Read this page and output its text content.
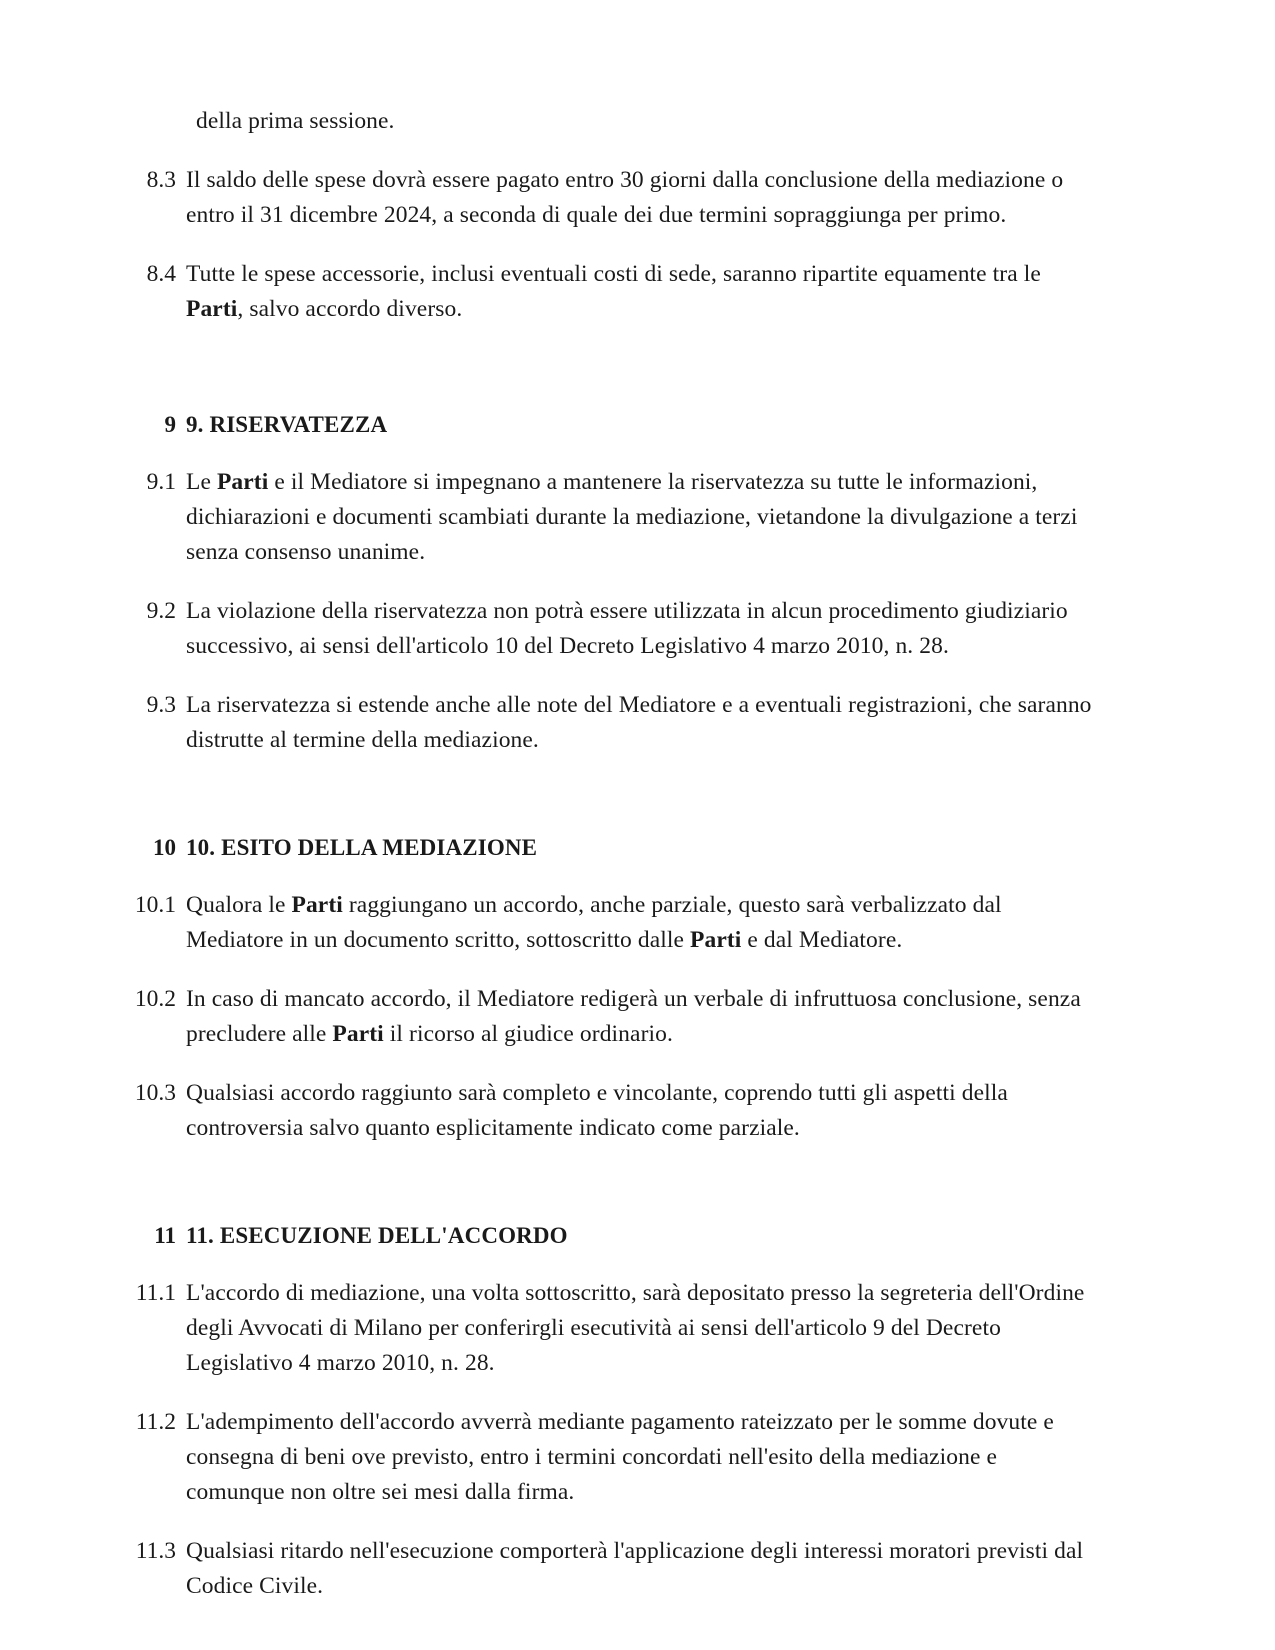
della prima sessione.

8.3 Il saldo delle spese dovrà essere pagato entro 30 giorni dalla conclusione della mediazione o entro il 31 dicembre 2024, a seconda di quale dei due termini sopraggiunga per primo.
8.4 Tutte le spese accessorie, inclusi eventuali costi di sede, saranno ripartite equamente tra le Parti, salvo accordo diverso.
9 9. RISERVATEZZA
9.1 Le Parti e il Mediatore si impegnano a mantenere la riservatezza su tutte le informazioni, dichiarazioni e documenti scambiati durante la mediazione, vietandone la divulgazione a terzi senza consenso unanime.
9.2 La violazione della riservatezza non potrà essere utilizzata in alcun procedimento giudiziario successivo, ai sensi dell'articolo 10 del Decreto Legislativo 4 marzo 2010, n. 28.
9.3 La riservatezza si estende anche alle note del Mediatore e a eventuali registrazioni, che saranno distrutte al termine della mediazione.
10 10. ESITO DELLA MEDIAZIONE
10.1 Qualora le Parti raggiungano un accordo, anche parziale, questo sarà verbalizzato dal Mediatore in un documento scritto, sottoscritto dalle Parti e dal Mediatore.
10.2 In caso di mancato accordo, il Mediatore redigerà un verbale di infruttuosa conclusione, senza precludere alle Parti il ricorso al giudice ordinario.
10.3 Qualsiasi accordo raggiunto sarà completo e vincolante, coprendo tutti gli aspetti della controversia salvo quanto esplicitamente indicato come parziale.
11 11. ESECUZIONE DELL'ACCORDO
11.1 L'accordo di mediazione, una volta sottoscritto, sarà depositato presso la segreteria dell'Ordine degli Avvocati di Milano per conferirgli esecutività ai sensi dell'articolo 9 del Decreto Legislativo 4 marzo 2010, n. 28.
11.2 L'adempimento dell'accordo avverrà mediante pagamento rateizzato per le somme dovute e consegna di beni ove previsto, entro i termini concordati nell'esito della mediazione e comunque non oltre sei mesi dalla firma.
11.3 Qualsiasi ritardo nell'esecuzione comporterà l'applicazione degli interessi moratori previsti dal Codice Civile.
